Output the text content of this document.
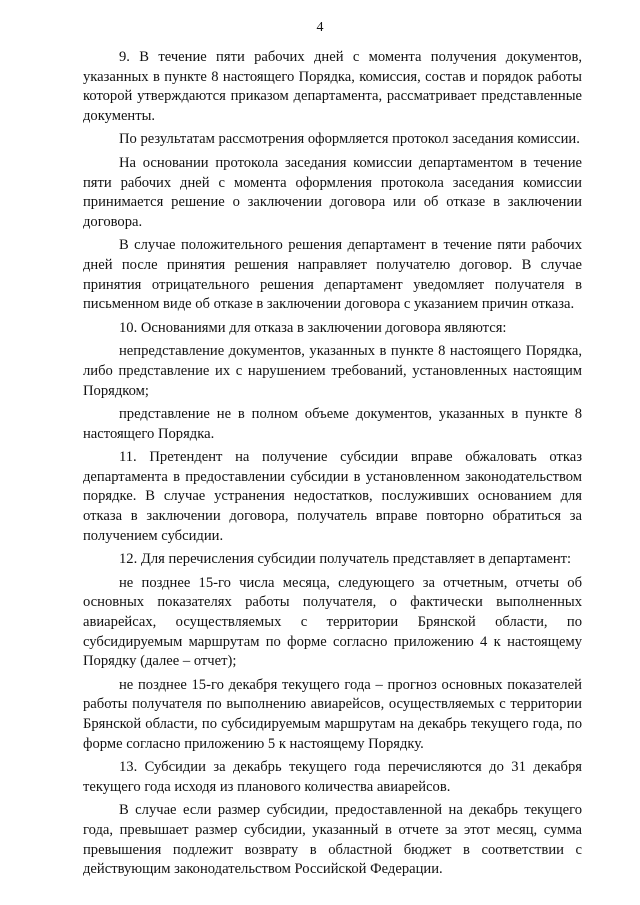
4

9. В течение пяти рабочих дней с момента получения документов, указанных в пункте 8 настоящего Порядка, комиссия, состав и порядок работы которой утверждаются приказом департамента, рассматривает представленные документы.

По результатам рассмотрения оформляется протокол заседания комиссии.

На основании протокола заседания комиссии департаментом в течение пяти рабочих дней с момента оформления протокола заседания комиссии принимается решение о заключении договора или об отказе в заключении договора.

В случае положительного решения департамент в течение пяти рабочих дней после принятия решения направляет получателю договор. В случае принятия отрицательного решения департамент уведомляет получателя в письменном виде об отказе в заключении договора с указанием причин отказа.

10. Основаниями для отказа в заключении договора являются:

непредставление документов, указанных в пункте 8 настоящего Порядка, либо представление их с нарушением требований, установленных настоящим Порядком;

представление не в полном объеме документов, указанных в пункте 8 настоящего Порядка.

11. Претендент на получение субсидии вправе обжаловать отказ департамента в предоставлении субсидии в установленном законодательством порядке. В случае устранения недостатков, послуживших основанием для отказа в заключении договора, получатель вправе повторно обратиться за получением субсидии.

12. Для перечисления субсидии получатель представляет в департамент:

не позднее 15-го числа месяца, следующего за отчетным, отчеты об основных показателях работы получателя, о фактически выполненных авиарейсах, осуществляемых с территории Брянской области, по субсидируемым маршрутам по форме согласно приложению 4 к настоящему Порядку (далее – отчет);

не позднее 15-го декабря текущего года – прогноз основных показателей работы получателя по выполнению авиарейсов, осуществляемых с территории Брянской области, по субсидируемым маршрутам на декабрь текущего года, по форме согласно приложению 5 к настоящему Порядку.

13. Субсидии за декабрь текущего года перечисляются до 31 декабря текущего года исходя из планового количества авиарейсов.

В случае если размер субсидии, предоставленной на декабрь текущего года, превышает размер субсидии, указанный в отчете за этот месяц, сумма превышения подлежит возврату в областной бюджет в соответствии с действующим законодательством Российской Федерации.
